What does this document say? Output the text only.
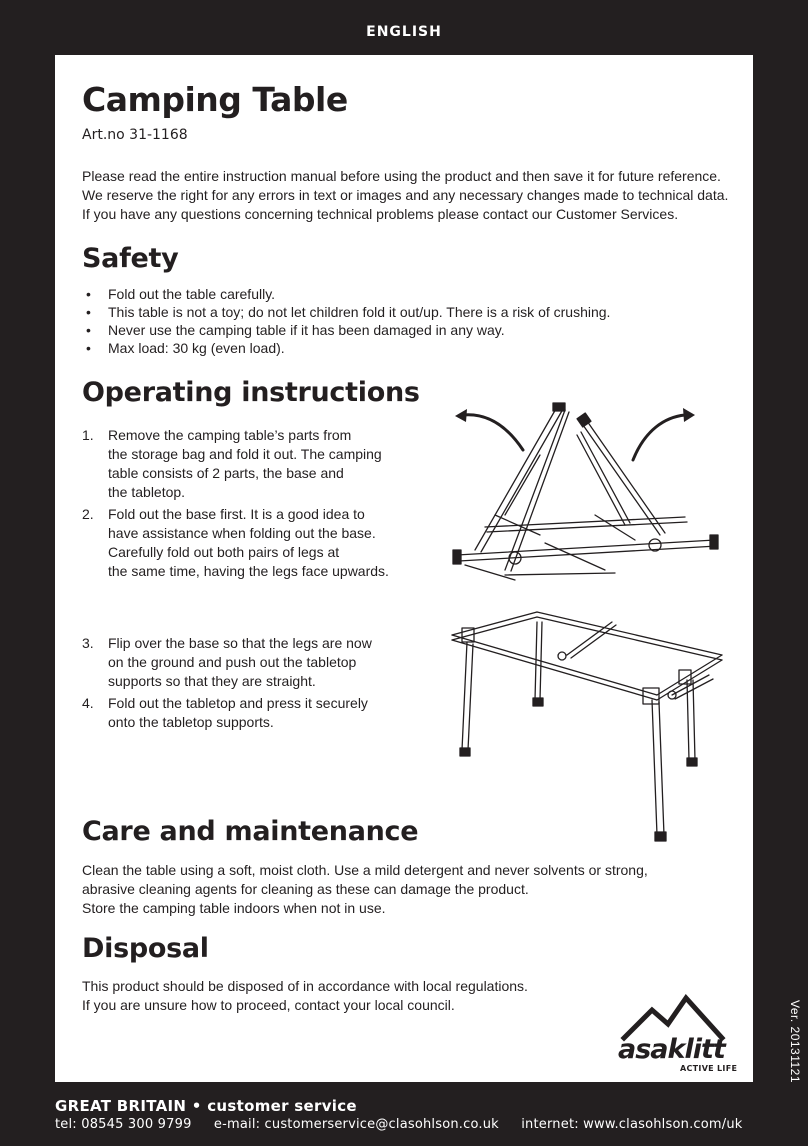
ENGLISH
Ver. 20131121
Camping Table
Art.no 31-1168

Please read the entire instruction manual before using the product and then save it for future reference.

We reserve the right for any errors in text or images and any necessary changes made to technical data.

If you have any questions concerning technical problems please contact our Customer Services.

Safety
• Fold out the table carefully.
• This table is not a toy; do not let children fold it out/up. There is a risk of crushing.
• Never use the camping table if it has been damaged in any way.
• Max load: 30 kg (even load).
Operating instructions
1. Remove the camping table’s parts from
the storage bag and fold it out. The camping
table consists of 2 parts, the base and
the tabletop.
2. Fold out the base first. It is a good idea to
have assistance when folding out the base.
Carefully fold out both pairs of legs at
the same time, having the legs face upwards.
3. Flip over the base so that the legs are now
on the ground and push out the tabletop
supports so that they are straight.
4. Fold out the tabletop and press it securely
onto the tabletop supports.
Care and maintenance

Clean the table using a soft, moist cloth. Use a mild detergent and never solvents or strong,

abrasive cleaning agents for cleaning as these can damage the product.

Store the camping table indoors when not in use.

Disposal

This product should be disposed of in accordance with local regulations.

If you are unsure how to proceed, contact your local council.

asaklitt
ACTIVE LIFE
GREAT BRITAIN • customer service
tel: 08545 300 9799 e-mail: customerservice@clasohlson.co.uk internet: www.clasohlson.com/uk
